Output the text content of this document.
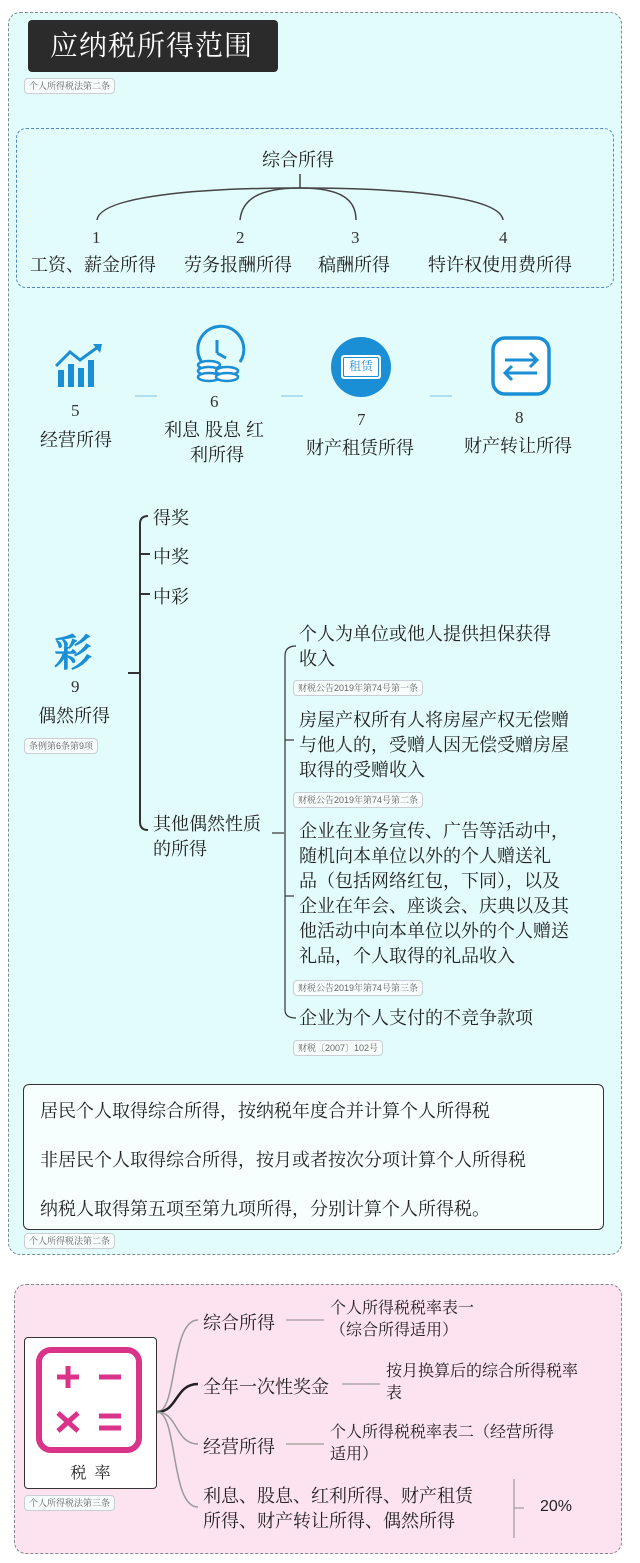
应纳税所得范围
个人所得税法第二条
综合所得
1	2	3	4
工资、薪金所得 劳务报酬所得 稿酬所得 特许权使用费所得
5
经营所得
6
利息 股息 红
利所得
租赁
7
财产租赁所得
8
财产转让所得
彩
9
偶然所得
条例第6条第9项
得奖
中奖
中彩
其他偶然性质
的所得
个人为单位或他人提供担保获得
收入
财税公告2019年第74号第一条
房屋产权所有人将房屋产权无偿赠
与他人的，受赠人因无偿受赠房屋
取得的受赠收入
财税公告2019年第74号第二条
企业在业务宣传、广告等活动中，
随机向本单位以外的个人赠送礼
品（包括网络红包，下同），以及
企业在年会、座谈会、庆典以及其
他活动中向本单位以外的个人赠送
礼品，个人取得的礼品收入
财税公告2019年第74号第三条
企业为个人支付的不竞争款项
财税〔2007〕102号
居民个人取得综合所得，按纳税年度合并计算个人所得税
非居民个人取得综合所得，按月或者按次分项计算个人所得税
纳税人取得第五项至第九项所得，分别计算个人所得税。
个人所得税法第二条
税  率
个人所得税法第三条
综合所得
个人所得税税率表一
（综合所得适用）
全年一次性奖金
按月换算后的综合所得税率
表
经营所得
个人所得税税率表二（经营所得
适用）
利息、股息、红利所得、财产租赁
所得、财产转让所得、偶然所得
20%
